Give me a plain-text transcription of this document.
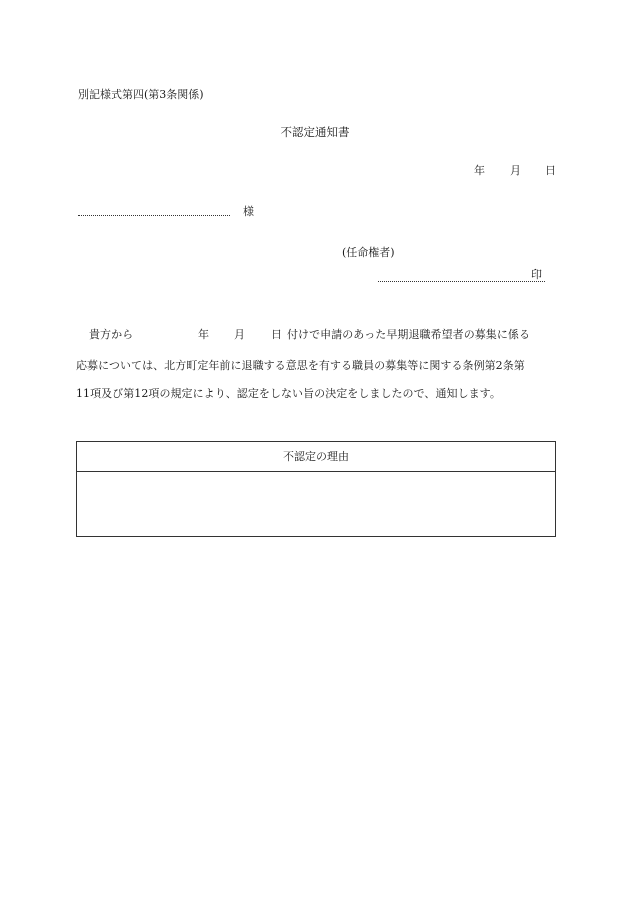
別記様式第四(第3条関係)
不認定通知書
年 月 日
様
(任命権者)
印
貴方から	年 月 日 付けで申請のあった早期退職希望者の募集に係る
応募については、北方町定年前に退職する意思を有する職員の募集等に関する条例第2条第
11項及び第12項の規定により、認定をしない旨の決定をしましたので、通知します。
不認定の理由
